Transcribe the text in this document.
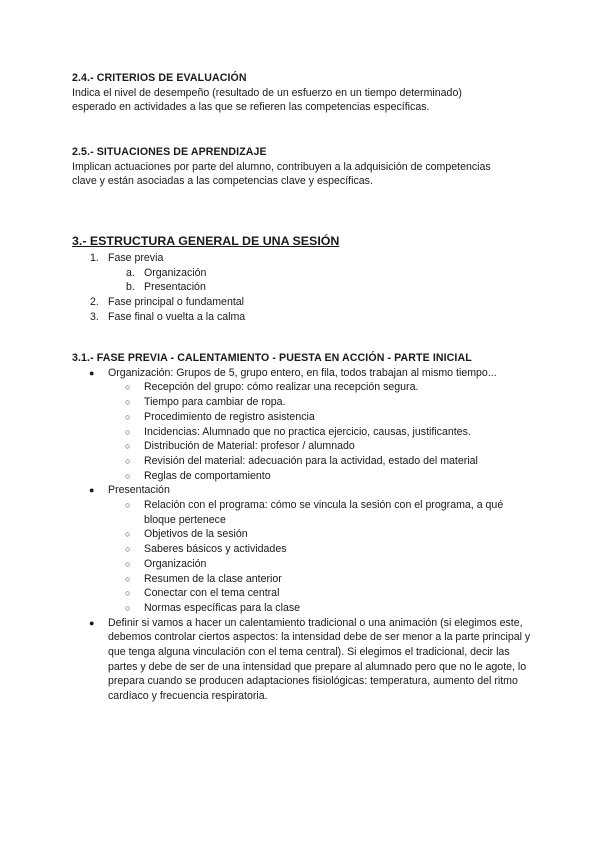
2.4.- CRITERIOS DE EVALUACIÓN

Indica el nivel de desempeño (resultado de un esfuerzo en un tiempo determinado)

esperado en actividades a las que se refieren las competencias específicas.

2.5.- SITUACIONES DE APRENDIZAJE

Implican actuaciones por parte del alumno, contribuyen a la adquisición de competencias

clave y están asociadas a las competencias clave y específicas.

3.- ESTRUCTURA GENERAL DE UNA SESIÓN

1. Fase previa
a. Organización
b. Presentación
2. Fase principal o fundamental
3. Fase final o vuelta a la calma

3.1.- FASE PREVIA - CALENTAMIENTO - PUESTA EN ACCIÓN - PARTE INICIAL

● Organización: Grupos de 5, grupo entero, en fila, todos trabajan al mismo tiempo...
○ Recepción del grupo: cómo realizar una recepción segura.
○ Tiempo para cambiar de ropa.
○ Procedimiento de registro asistencia
○ Incidencias: Alumnado que no practica ejercicio, causas, justificantes.
○ Distribución de Material: profesor / alumnado
○ Revisión del material: adecuación para la actividad, estado del material
○ Reglas de comportamiento
● Presentación
○ Relación con el programa: cómo se vincula la sesión con el programa, a qué bloque pertenece
○ Objetivos de la sesión
○ Saberes básicos y actividades
○ Organización
○ Resumen de la clase anterior
○ Conectar con el tema central
○ Normas específicas para la clase
● Definir si vamos a hacer un calentamiento tradicional o una animación (si elegimos este, debemos controlar ciertos aspectos: la intensidad debe de ser menor a la parte principal y que tenga alguna vinculación con el tema central). Si elegimos el tradicional, decir las partes y debe de ser de una intensidad que prepare al alumnado pero que no le agote, lo prepara cuando se producen adaptaciones fisiológicas: temperatura, aumento del ritmo cardíaco y frecuencia respiratoria.
